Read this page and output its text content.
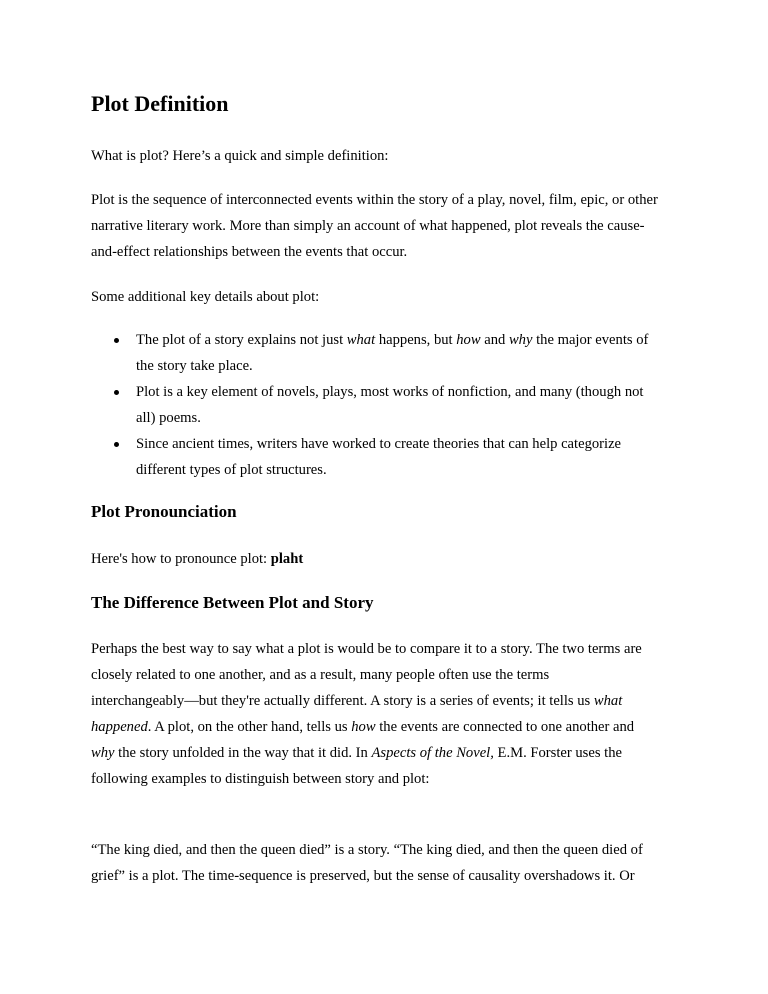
Plot Definition

What is plot? Here’s a quick and simple definition:

Plot is the sequence of interconnected events within the story of a play, novel, film, epic, or other
narrative literary work. More than simply an account of what happened, plot reveals the cause-
and-effect relationships between the events that occur.

Some additional key details about plot:

The plot of a story explains not just what happens, but how and why the major events of
the story take place.
Plot is a key element of novels, plays, most works of nonfiction, and many (though not
all) poems.
Since ancient times, writers have worked to create theories that can help categorize
different types of plot structures.
Plot Pronounciation

Here's how to pronounce plot: plaht

The Difference Between Plot and Story

Perhaps the best way to say what a plot is would be to compare it to a story. The two terms are
closely related to one another, and as a result, many people often use the terms
interchangeably—but they're actually different. A story is a series of events; it tells us what
happened. A plot, on the other hand, tells us how the events are connected to one another and
why the story unfolded in the way that it did. In Aspects of the Novel, E.M. Forster uses the
following examples to distinguish between story and plot:

“The king died, and then the queen died” is a story. “The king died, and then the queen died of
grief” is a plot. The time-sequence is preserved, but the sense of causality overshadows it. Or
